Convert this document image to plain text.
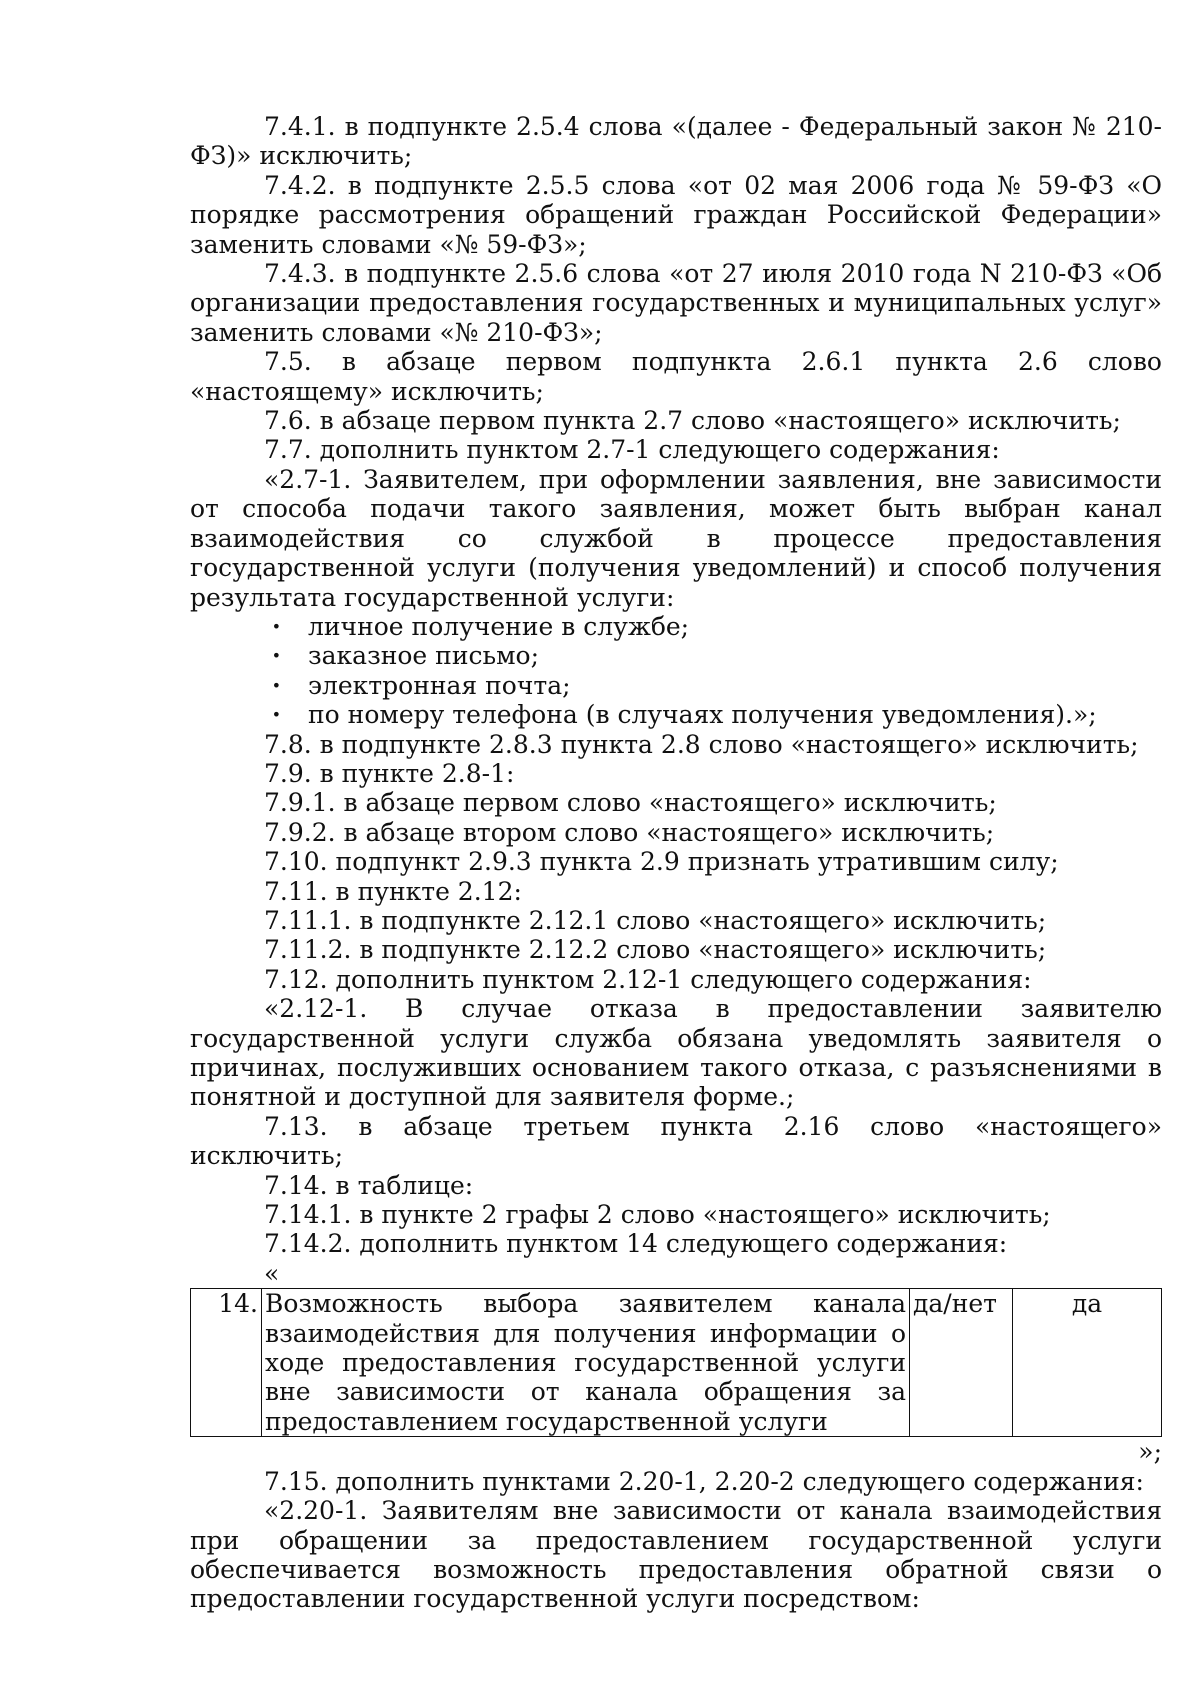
7.4.1. в подпункте 2.5.4 слова «(далее - Федеральный закон № 210-ФЗ)» исключить;

7.4.2. в подпункте 2.5.5 слова «от 02 мая 2006 года № 59-ФЗ «О порядке рассмотрения обращений граждан Российской Федерации» заменить словами «№ 59-ФЗ»;

7.4.3. в подпункте 2.5.6 слова «от 27 июля 2010 года N 210-ФЗ «Об организации предоставления государственных и муниципальных услуг» заменить словами «№ 210-ФЗ»;

7.5. в абзаце первом подпункта 2.6.1 пункта 2.6 слово «настоящему» исключить;

7.6. в абзаце первом пункта 2.7 слово «настоящего» исключить;

7.7. дополнить пунктом 2.7-1 следующего содержания:

«2.7-1. Заявителем, при оформлении заявления, вне зависимости от способа подачи такого заявления, может быть выбран канал взаимодействия со службой в процессе предоставления государственной услуги (получения уведомлений) и способ получения результата государственной услуги:

· личное получение в службе;
· заказное письмо;
· электронная почта;
· по номеру телефона (в случаях получения уведомления).»;

7.8. в подпункте 2.8.3 пункта 2.8 слово «настоящего» исключить;

7.9. в пункте 2.8-1:

7.9.1. в абзаце первом слово «настоящего» исключить;

7.9.2. в абзаце втором слово «настоящего» исключить;

7.10. подпункт 2.9.3 пункта 2.9 признать утратившим силу;

7.11. в пункте 2.12:

7.11.1. в подпункте 2.12.1 слово «настоящего» исключить;

7.11.2. в подпункте 2.12.2 слово «настоящего» исключить;

7.12. дополнить пунктом 2.12-1 следующего содержания:

«2.12-1. В случае отказа в предоставлении заявителю государственной услуги служба обязана уведомлять заявителя о причинах, послуживших основанием такого отказа, с разъяснениями в понятной и доступной для заявителя форме.;

7.13. в абзаце третьем пункта 2.16 слово «настоящего» исключить;

7.14. в таблице:

7.14.1. в пункте 2 графы 2 слово «настоящего» исключить;

7.14.2. дополнить пунктом 14 следующего содержания:

«

14.	Возможность выбора заявителем канала взаимодействия для получения информации о ходе предоставления государственной услуги вне зависимости от канала обращения за предоставлением государственной услуги	да/нет	да

»;

7.15. дополнить пунктами 2.20-1, 2.20-2 следующего содержания:

«2.20-1. Заявителям вне зависимости от канала взаимодействия при обращении за предоставлением государственной услуги обеспечивается возможность предоставления обратной связи о предоставлении государственной услуги посредством:
